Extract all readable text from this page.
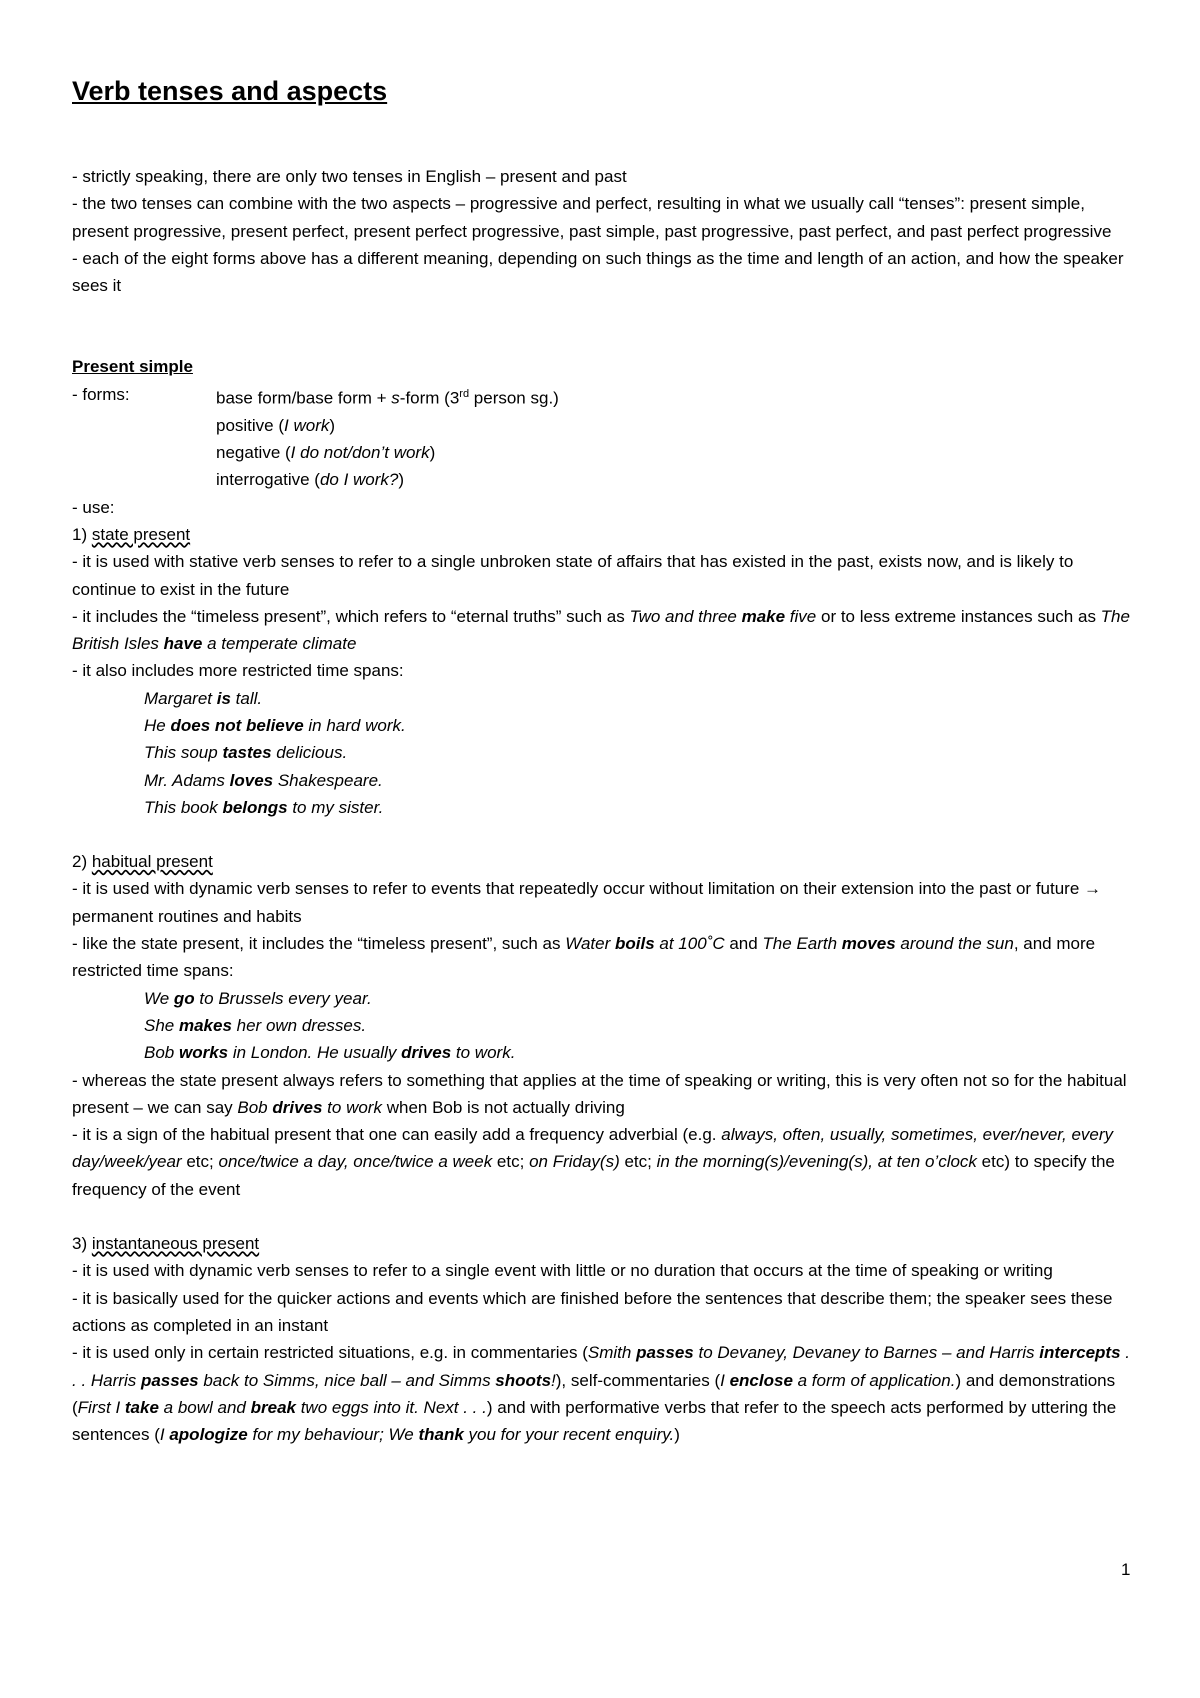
Verb tenses and aspects

- strictly speaking, there are only two tenses in English – present and past

- the two tenses can combine with the two aspects – progressive and perfect, resulting in what we usually call “tenses”: present simple, present progressive, present perfect, present perfect progressive, past simple, past progressive, past perfect, and past perfect progressive

- each of the eight forms above has a different meaning, depending on such things as the time and length of an action, and how the speaker sees it

Present simple
- forms:	base form/base form + s-form (3rd person sg.)

positive (I work)

negative (I do not/don’t work)

interrogative (do I work?)

- use:

1) state present

- it is used with stative verb senses to refer to a single unbroken state of affairs that has existed in the past, exists now, and is likely to continue to exist in the future

- it includes the “timeless present”, which refers to “eternal truths” such as Two and three make five or to less extreme instances such as The British Isles have a temperate climate

- it also includes more restricted time spans:

Margaret is tall.

He does not believe in hard work.

This soup tastes delicious.

Mr. Adams loves Shakespeare.

This book belongs to my sister.

2) habitual present

- it is used with dynamic verb senses to refer to events that repeatedly occur without limitation on their extension into the past or future → permanent routines and habits

- like the state present, it includes the “timeless present”, such as Water boils at 100˚C and The Earth moves around the sun, and more restricted time spans:

We go to Brussels every year.

She makes her own dresses.

Bob works in London. He usually drives to work.

- whereas the state present always refers to something that applies at the time of speaking or writing, this is very often not so for the habitual present – we can say Bob drives to work when Bob is not actually driving

- it is a sign of the habitual present that one can easily add a frequency adverbial (e.g. always, often, usually, sometimes, ever/never, every day/week/year etc; once/twice a day, once/twice a week etc; on Friday(s) etc; in the morning(s)/evening(s), at ten o’clock etc) to specify the frequency of the event

3) instantaneous present

- it is used with dynamic verb senses to refer to a single event with little or no duration that occurs at the time of speaking or writing

- it is basically used for the quicker actions and events which are finished before the sentences that describe them; the speaker sees these actions as completed in an instant

- it is used only in certain restricted situations, e.g. in commentaries (Smith passes to Devaney, Devaney to Barnes – and Harris intercepts . . . Harris passes back to Simms, nice ball – and Simms shoots!), self-commentaries (I enclose a form of application.) and demonstrations (First I take a bowl and break two eggs into it. Next . . .) and with performative verbs that refer to the speech acts performed by uttering the sentences (I apologize for my behaviour; We thank you for your recent enquiry.)

1
